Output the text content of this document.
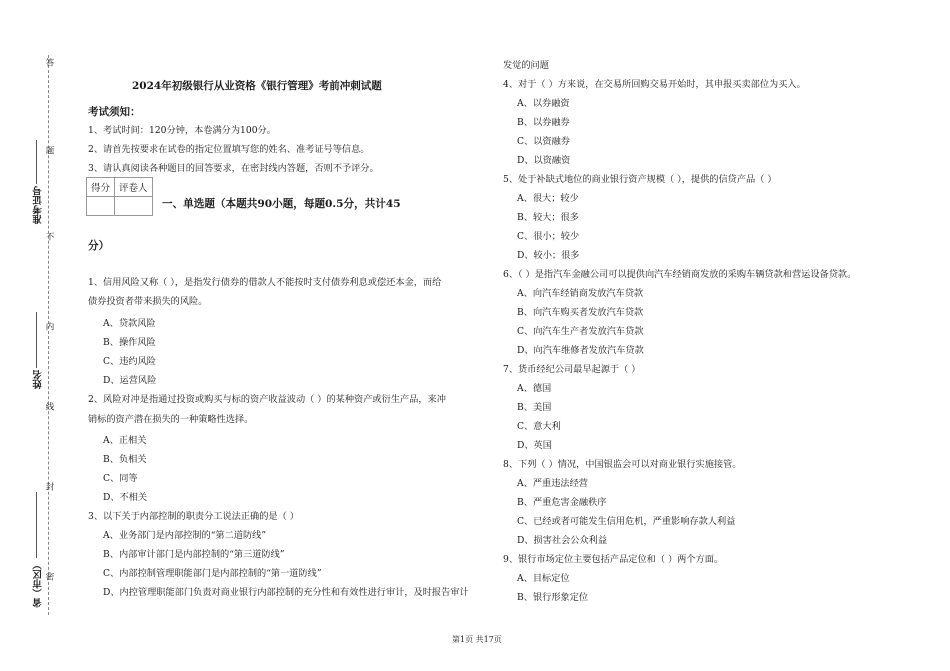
答
题
不
内
线
封
密
准考证号
姓名
省（市区）
2024年初级银行从业资格《银行管理》考前冲刺试题
考试须知：
1、考试时间：120分钟，本卷满分为100分。
2、请首先按要求在试卷的指定位置填写您的姓名、准考证号等信息。
3、请认真阅读各种题目的回答要求，在密封线内答题，否则不予评分。
得分	评卷人

一、单选题（本题共90小题，每题0.5分，共计45
分）
1、信用风险又称（ ），是指发行债券的借款人不能按时支付债券利息或偿还本金，而给
债券投资者带来损失的风险。
A、贷款风险
B、操作风险
C、违约风险
D、运营风险
2、风险对冲是指通过投资或购买与标的资产收益波动（ ）的某种资产或衍生产品，来冲
销标的资产潜在损失的一种策略性选择。
A、正相关
B、负相关
C、同等
D、不相关
3、以下关于内部控制的职责分工说法正确的是（ ）
A、业务部门是内部控制的“第二道防线”
B、内部审计部门是内部控制的“第三道防线”
C、内部控制管理职能部门是内部控制的“第一道防线”
D、内控管理职能部门负责对商业银行内部控制的充分性和有效性进行审计，及时报告审计
发觉的问题
4、对于（ ）方来说，在交易所回购交易开始时，其申报买卖部位为买入。
A、以券融资
B、以券融券
C、以资融券
D、以资融资
5、处于补缺式地位的商业银行资产规模（ ），提供的信贷产品（ ）
A、很大；较少
B、较大；很多
C、很小；较少
D、较小；很多
6、（ ）是指汽车金融公司可以提供向汽车经销商发放的采购车辆贷款和营运设备贷款。
A、向汽车经销商发放汽车贷款
B、向汽车购买者发放汽车贷款
C、向汽车生产者发放汽车贷款
D、向汽车维修者发放汽车贷款
7、货币经纪公司最早起源于（ ）
A、德国
B、美国
C、意大利
D、英国
8、下列（ ）情况，中国银监会可以对商业银行实施接管。
A、严重违法经营
B、严重危害金融秩序
C、已经或者可能发生信用危机，严重影响存款人利益
D、损害社会公众利益
9、银行市场定位主要包括产品定位和（ ）两个方面。
A、目标定位
B、银行形象定位
第1页 共17页
